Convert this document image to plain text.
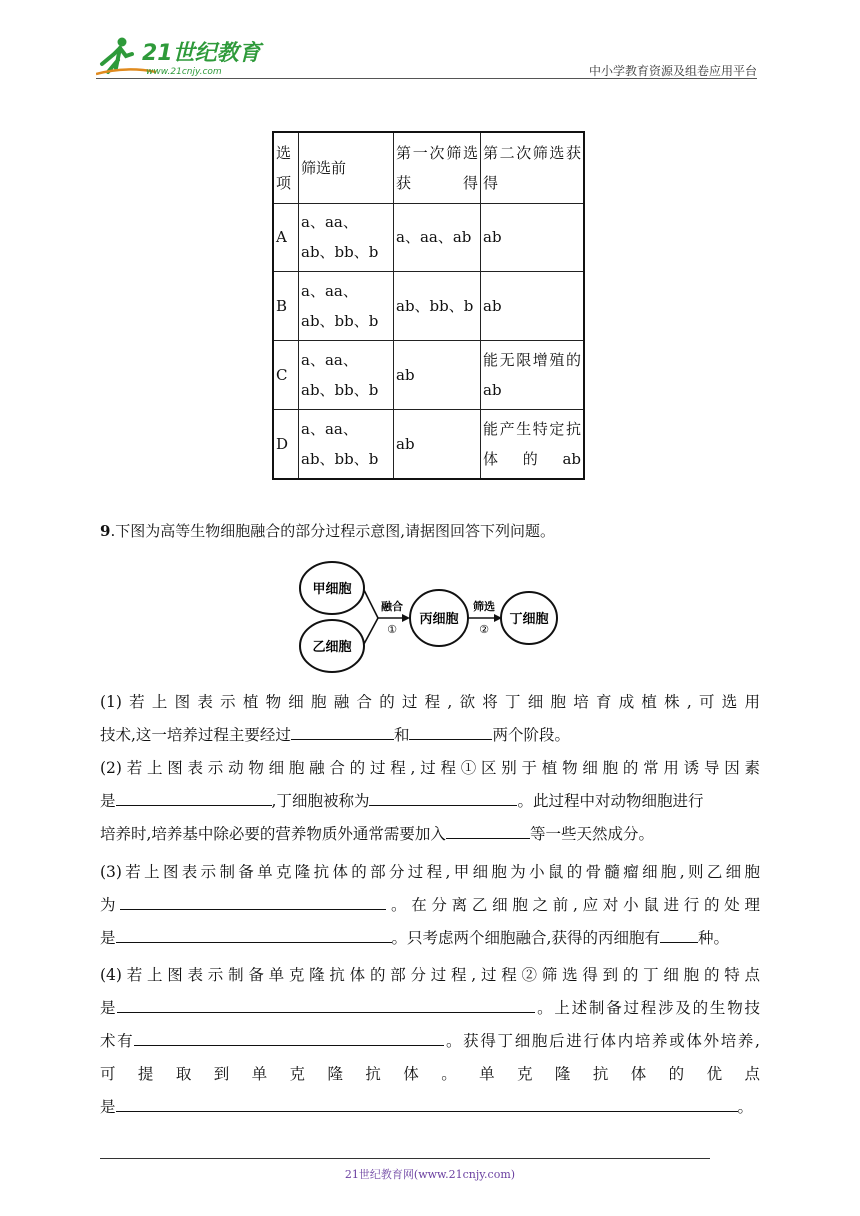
21世纪教育
www.21cnjy.com	中小学教育资源及组卷应用平台
选项	筛选前	第一次筛选获得	第二次筛选获得
A	a、aa、ab、bb、b	a、aa、ab	ab
B	a、aa、ab、bb、b	ab、bb、b	ab
C	a、aa、ab、bb、b	ab	能无限增殖的ab
D	a、aa、ab、bb、b	ab	能产生特定抗体的ab
9.下图为高等生物细胞融合的部分过程示意图,请据图回答下列问题。
甲细胞
乙细胞
融合
①
丙细胞
筛选
②
丁细胞
(1)若上图表示植物细胞融合的过程,欲将丁细胞培育成植株,可选用
技术,这一培养过程主要经过	和	两个阶段。
(2)若上图表示动物细胞融合的过程,过程①区别于植物细胞的常用诱导因素
是	,丁细胞被称为	。此过程中对动物细胞进行
培养时,培养基中除必要的营养物质外通常需要加入	等一些天然成分。
(3)若上图表示制备单克隆抗体的部分过程,甲细胞为小鼠的骨髓瘤细胞,则乙细胞
为	。在分离乙细胞之前,应对小鼠进行的处理
是	。只考虑两个细胞融合,获得的丙细胞有 种。
(4)若上图表示制备单克隆抗体的部分过程,过程②筛选得到的丁细胞的特点
是	。上述制备过程涉及的生物技
术有	。获得丁细胞后进行体内培养或体外培养,
可提取到单克隆抗体。单克隆抗体的优点
是	。
21世纪教育网(www.21cnjy.com)
